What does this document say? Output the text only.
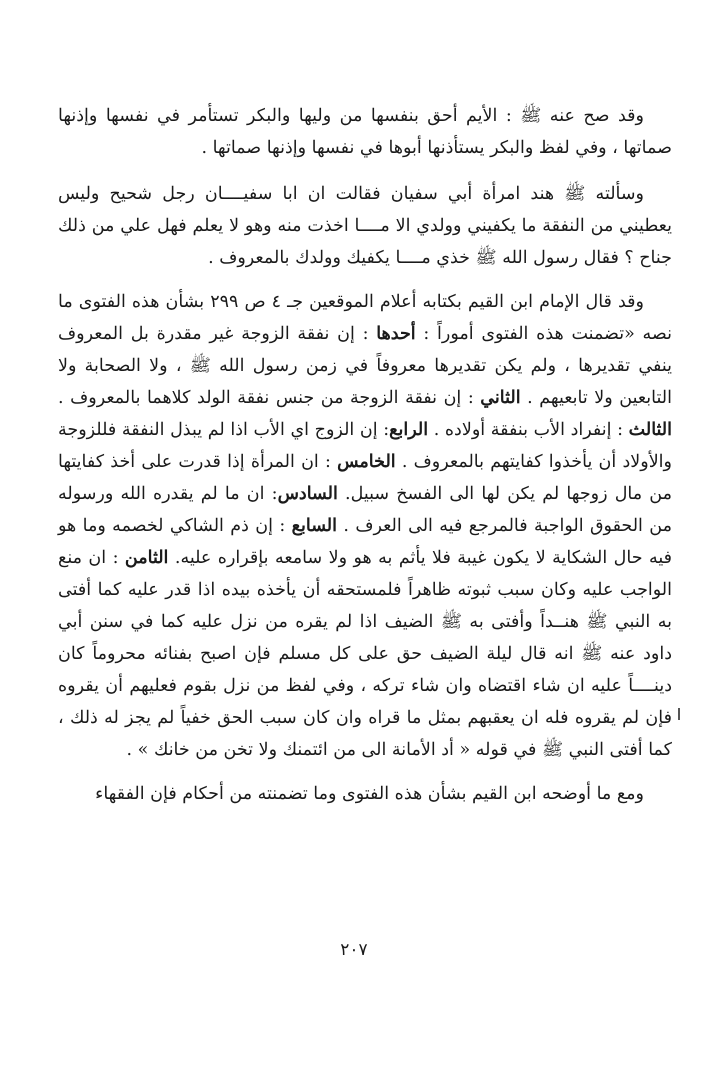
وقد صح عنه ﷺ : الأيم أحق بنفسها من وليها والبكر تستأمر في نفسها وإذنها صماتها ، وفي لفظ والبكر يستأذنها أبوها في نفسها وإذنها صماتها .

وسألته ﷺ هند امرأة أبي سفيان فقالت ان ابا سفيــــان رجل شحيح وليس يعطيني من النفقة ما يكفيني وولدي الا مــــا اخذت منه وهو لا يعلم فهل علي من ذلك جناح ؟ فقال رسول الله ﷺ خذي مــــا يكفيك وولدك بالمعروف .

وقد قال الإمام ابن القيم بكتابه أعلام الموقعين جـ ٤ ص ٢٩٩ بشأن هذه الفتوى ما نصه «تضمنت هذه الفتوى أموراً : أحدها : إن نفقة الزوجة غير مقدرة بل المعروف ينفي تقديرها ، ولم يكن تقديرها معروفاً في زمن رسول الله ﷺ ، ولا الصحابة ولا التابعين ولا تابعيهم . الثاني : إن نفقة الزوجة من جنس نفقة الولد كلاهما بالمعروف . الثالث : إنفراد الأب بنفقة أولاده . الرابع: إن الزوج اي الأب اذا لم يبذل النفقة فللزوجة والأولاد أن يأخذوا كفايتهم بالمعروف . الخامس : ان المرأة إذا قدرت على أخذ كفايتها من مال زوجها لم يكن لها الى الفسخ سبيل. السادس: ان ما لم يقدره الله ورسوله من الحقوق الواجبة فالمرجع فيه الى العرف . السابع : إن ذم الشاكي لخصمه وما هو فيه حال الشكاية لا يكون غيبة فلا يأثم به هو ولا سامعه بإقراره عليه. الثامن : ان منع الواجب عليه وكان سبب ثبوته ظاهراً فلمستحقه أن يأخذه بيده اذا قدر عليه كما أفتى به النبي ﷺ هنــداً وأفتى به ﷺ الضيف اذا لم يقره من نزل عليه كما في سنن أبي داود عنه ﷺ انه قال ليلة الضيف حق على كل مسلم فإن اصبح بفنائه محروماً كان دينــــاً عليه ان شاء اقتضاه وان شاء تركه ، وفي لفظ من نزل بقوم فعليهم أن يقروه فإن لم يقروه فله ان يعقبهم بمثل ما قراه وان كان سبب الحق خفياً لم يجز له ذلك ، كما أفتى النبي ﷺ في قوله « أد الأمانة الى من ائتمنك ولا تخن من خانك » .

ومع ما أوضحه ابن القيم بشأن هذه الفتوى وما تضمنته من أحكام فإن الفقهاء

٢٠٧
